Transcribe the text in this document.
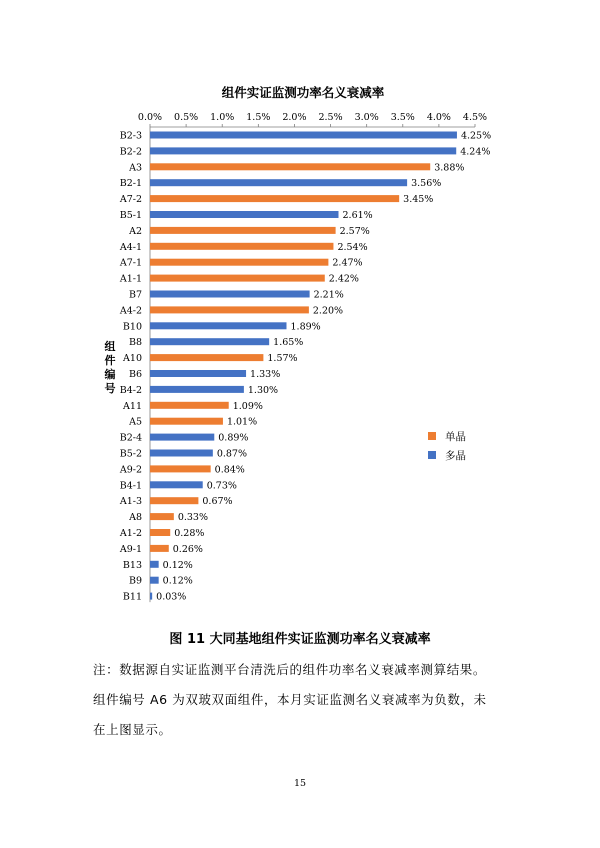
组件实证监测功率名义衰减率
0.0% 0.5% 1.0% 1.5% 2.0% 2.5% 3.0% 3.5% 4.0% 4.5%
B2-3	4.25%
B2-2	4.24%
A3	3.88%
B2-1	3.56%
A7-2	3.45%
B5-1	2.61%
A2	2.57%
A4-1	2.54%
A7-1	2.47%
A1-1	2.42%
B7	2.21%
A4-2	2.20%
B10	1.89%
B8	1.65%
A10	1.57%
B6	1.33%
B4-2	1.30%
A11	1.09%
A5	1.01%
B2-4	0.89%
B5-2	0.87%
A9-2	0.84%
B4-1	0.73%
A1-3	0.67%
A8	0.33%
A1-2	0.28%
A9-1	0.26%
B13 0.12%
B9 0.12%
B11 0.03%
组
件
编
号
单晶
多晶
图 11 大同基地组件实证监测功率名义衰减率

注：数据源自实证监测平台清洗后的组件功率名义衰减率测算结果。

组件编号 A6 为双玻双面组件，本月实证监测名义衰减率为负数，未

在上图显示。

15
